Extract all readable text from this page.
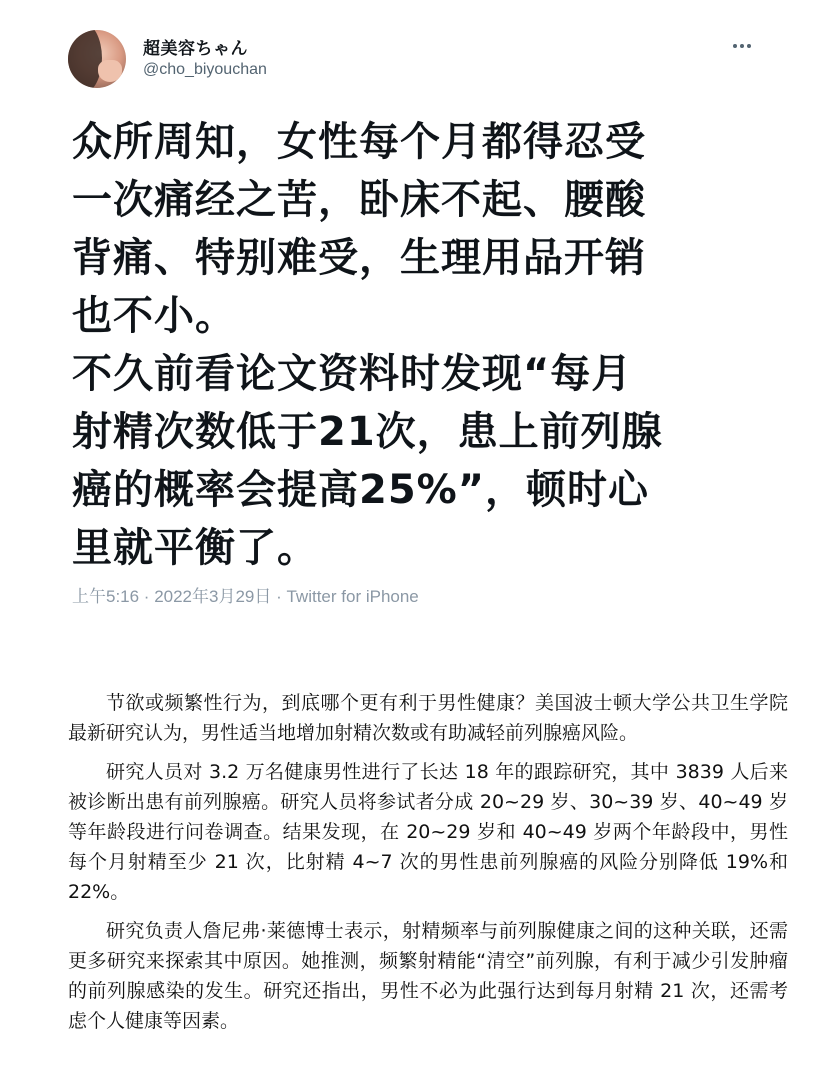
超美容ちゃん
@cho_biyouchan
众所周知，女性每个月都得忍受
一次痛经之苦，卧床不起、腰酸
背痛、特别难受，生理用品开销
也不小。
不久前看论文资料时发现“每月
射精次数低于21次，患上前列腺
癌的概率会提高25%”，顿时心
里就平衡了。
上午5:16 · 2022年3月29日 · Twitter for iPhone

节欲或频繁性行为，到底哪个更有利于男性健康？美国波士顿大学公共卫生学院最新研究认为，男性适当地增加射精次数或有助减轻前列腺癌风险。

研究人员对 3.2 万名健康男性进行了长达 18 年的跟踪研究，其中 3839 人后来被诊断出患有前列腺癌。研究人员将参试者分成 20~29 岁、30~39 岁、40~49 岁等年龄段进行问卷调查。结果发现，在 20~29 岁和 40~49 岁两个年龄段中，男性每个月射精至少 21 次，比射精 4~7 次的男性患前列腺癌的风险分别降低 19%和 22%。

研究负责人詹尼弗·莱德博士表示，射精频率与前列腺健康之间的这种关联，还需更多研究来探索其中原因。她推测，频繁射精能“清空”前列腺，有利于减少引发肿瘤的前列腺感染的发生。研究还指出，男性不必为此强行达到每月射精 21 次，还需考虑个人健康等因素。
